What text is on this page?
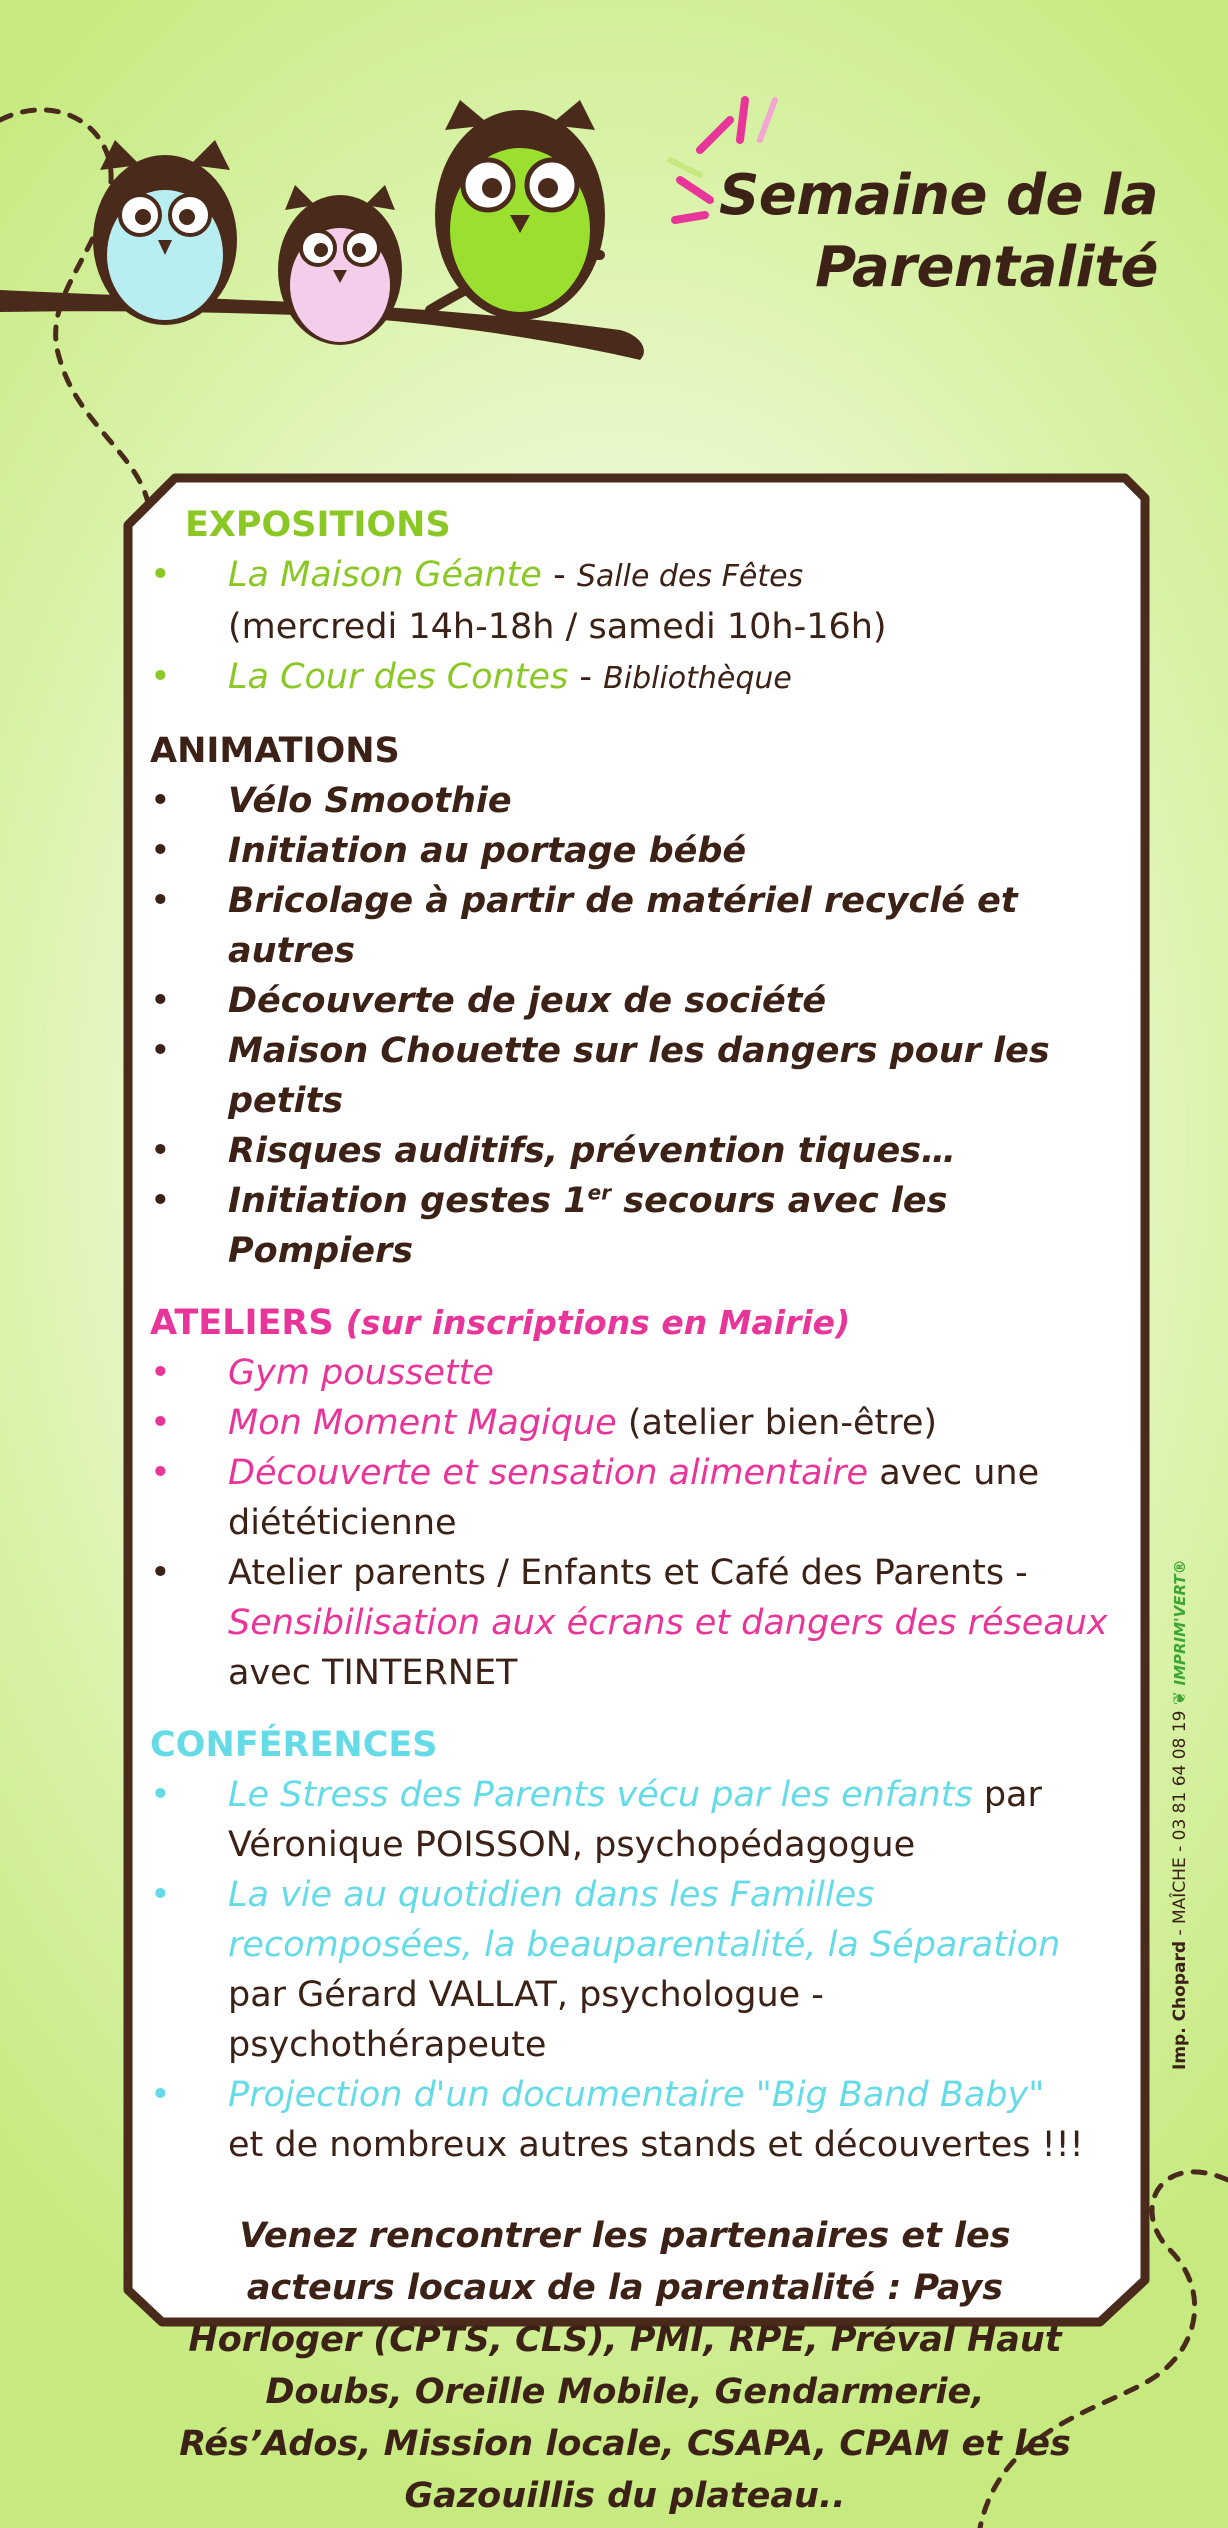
Semaine de la
Parentalité

EXPOSITIONS

• La Maison Géante - Salle des Fêtes
(mercredi 14h-18h / samedi 10h-16h)
• La Cour des Contes - Bibliothèque

ANIMATIONS

• Vélo Smoothie
• Initiation au portage bébé
• Bricolage à partir de matériel recyclé et autres
• Découverte de jeux de société
• Maison Chouette sur les dangers pour les petits
• Risques auditifs, prévention tiques…
• Initiation gestes 1er secours avec les Pompiers

ATELIERS (sur inscriptions en Mairie)

• Gym poussette
• Mon Moment Magique (atelier bien-être)
• Découverte et sensation alimentaire avec une diététicienne
• Atelier parents / Enfants et Café des Parents -
Sensibilisation aux écrans et dangers des réseaux
avec TINTERNET

CONFÉRENCES

• Le Stress des Parents vécu par les enfants par Véronique POISSON, psychopédagogue
• La vie au quotidien dans les Familles recomposées, la beauparentalité, la Séparation par Gérard VALLAT, psychologue - psychothérapeute
• Projection d'un documentaire "Big Band Baby"
et de nombreux autres stands et découvertes !!!

Venez rencontrer les partenaires et les acteurs locaux de la parentalité : Pays Horloger (CPTS, CLS), PMI, RPE, Préval Haut Doubs, Oreille Mobile, Gendarmerie, Rés’Ados, Mission locale, CSAPA, CPAM et les Gazouillis du plateau..

Imp. Chopard - MAÎCHE - 03 81 64 08 19 ❦ IMPRIM'VERT®
